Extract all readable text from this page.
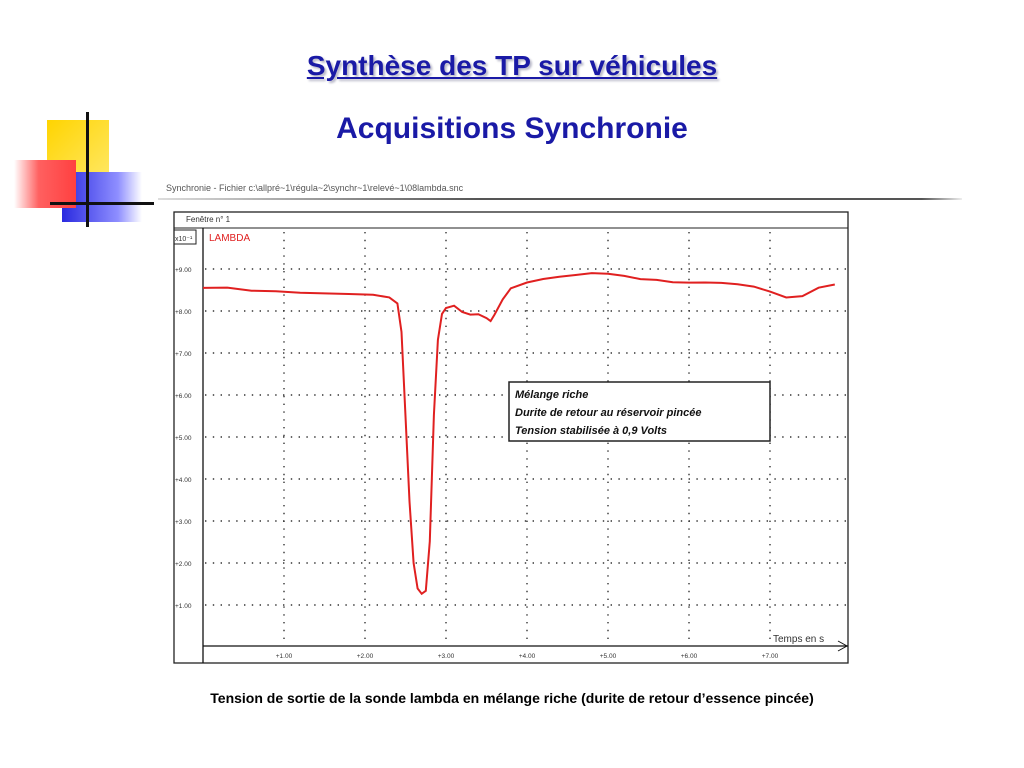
Synthèse des TP sur véhicules
Acquisitions Synchronie
Synchronie - Fichier c:\allpré~1\régula~2\synchr~1\relevé~1\08lambda.snc
Fenêtre n° 1
x10⁻¹ LAMBDA
Temps en s
+1.00
+2.00
+3.00
+4.00
+5.00
+6.00
+7.00
+8.00
+9.00
+1.00	+2.00	+3.00	+4.00	+5.00	+6.00	+7.00
Mélange riche
Durite de retour au réservoir pincée
Tension stabilisée à 0,9 Volts
Tension de sortie de la sonde lambda en mélange riche (durite de retour d’essence pincée)
